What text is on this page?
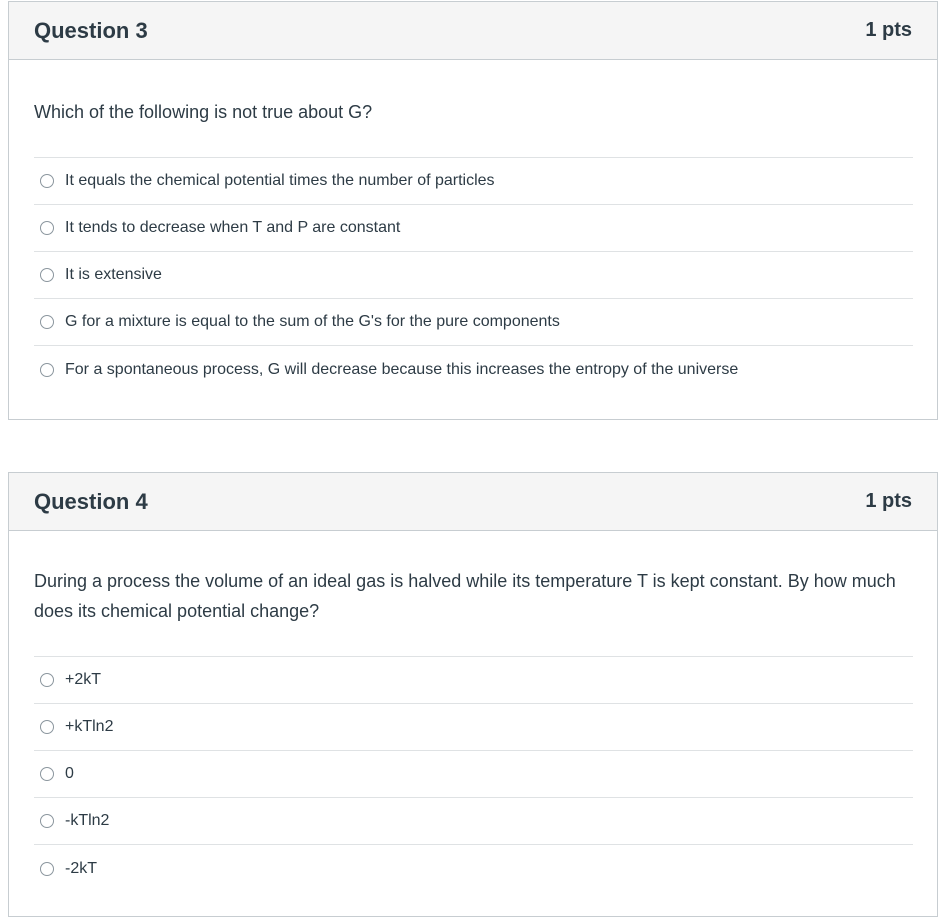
Question 3	1 pts
Which of the following is not true about G?
It equals the chemical potential times the number of particles
It tends to decrease when T and P are constant
It is extensive
G for a mixture is equal to the sum of the G's for the pure components
For a spontaneous process, G will decrease because this increases the entropy of the universe
Question 4	1 pts
During a process the volume of an ideal gas is halved while its temperature T is kept constant. By how much does its chemical potential change?
+2kT
+kTln2
0
-kTln2
-2kT
